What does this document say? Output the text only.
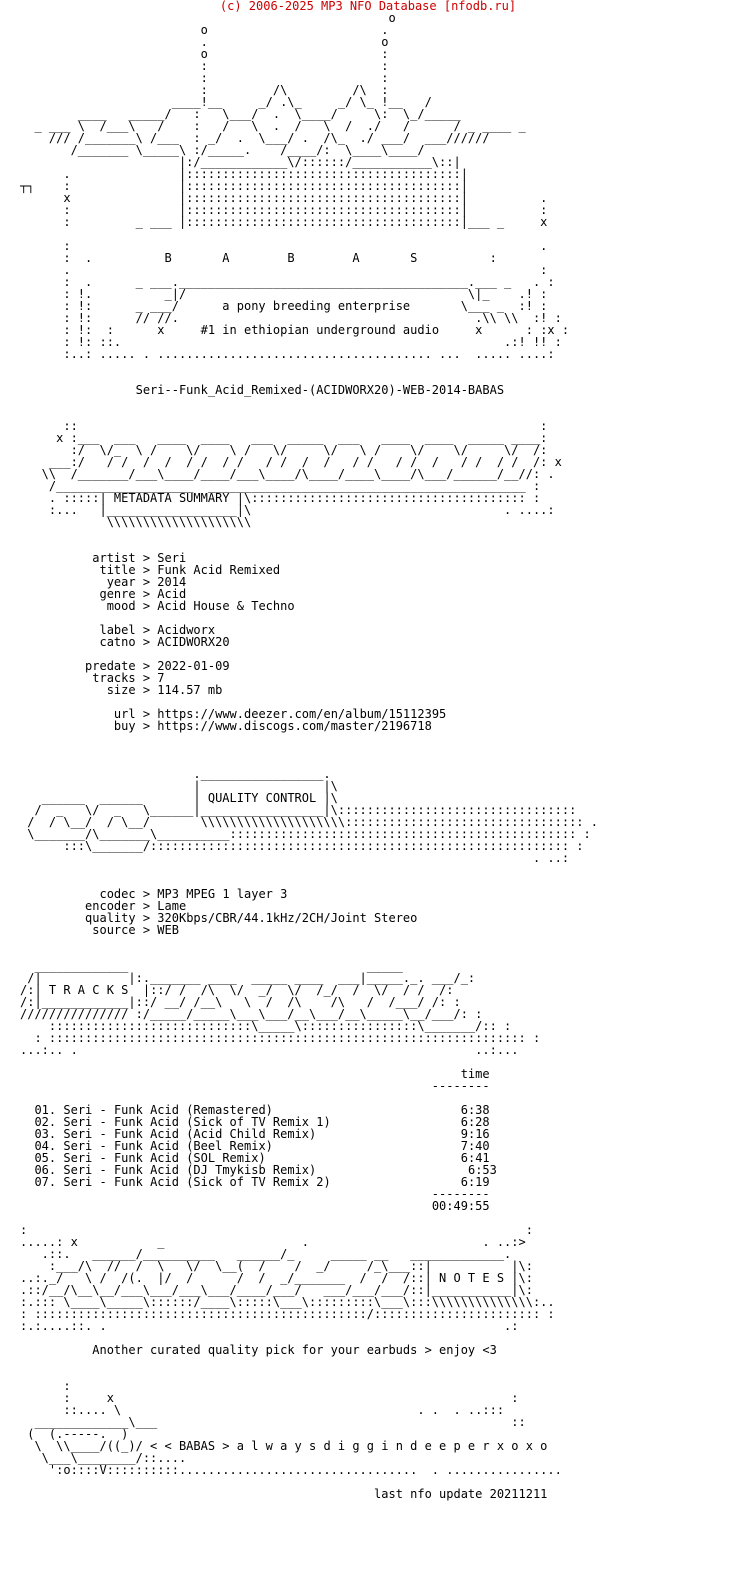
(c) 2006-2025 MP3 NFO Database [nfodb.ru]
o
o                        .
.                        o
o                        :
:                        :
:                        :
:         /\         /\  :
____!__     _/ .\_     _/ \_ !__   /
____   _____/   :   \___/  .  \____/     \:  \_/_____
_ ___ \  /___\   /    :   /   \  .  /   \  /  ./   /      / _ ____ _
/// /_______\ /___  : _/  .  \___/ .  /\_  ./ ___/  ___//////
/_______ \_____\ :/_____.    /____/:  \____\____/
|:/____________\/::::::/___________\::|
.               |::::::::::::::::::::::::::::::::::::::|
┬┐    :               |::::::::::::::::::::::::::::::::::::::|
x               |::::::::::::::::::::::::::::::::::::::|          .
:               |::::::::::::::::::::::::::::::::::::::|          :
:         _ ___ |::::::::::::::::::::::::::::::::::::::|___ _     x

:                                                                 .
:  .          B       A        B        A       S          :
.                                                                 :
:  .      _ ___.________________________________________.___ _   . :
: !.          _|/                                       \|_    .! :
: !:      _ ___/      a pony breeding enterprise       \___ _  :! :
: !:      // //.                                         .\\ \\  :! :
: !:  :      x     #1 in ethiopian underground audio     x      : :x :
: !: ::.                                                     .:! !! :
:..: ..... . ...................................... ...  ..... ....:

Seri--Funk_Acid_Remixed-(ACIDWORX20)-WEB-2014-BABAS

::                                                                :
x :___  ___   ____  ____   ___  _____  ___   ____  ____  _____ ____:
:/  \/_  \ /    \/    \ /   \/     \/   \ /    \/    \/     \/  /:
___:/   / /  /  /  / /  / /   / /  /  /   / /   / /  /   / /  / /  /: x
\\  /_______/___\____/____/___\____/\____/____\____/\___/______/__//: .
/___________________  ____________________________________________ :
. :::::| METADATA SUMMARY |\:::::::::::::::::::::::::::::::::::::: :
:...   |__________________|\                                   . ....:
\\\\\\\\\\\\\\\\\\\\

artist > Seri
title > Funk Acid Remixed
year > 2014
genre > Acid
mood > Acid House & Techno

label > Acidworx
catno > ACIDWORX20

predate > 2022-01-09
tracks > 7
size > 114.57 mb

url > https://www.deezer.com/en/album/15112395
buy > https://www.discogs.com/master/2196718

._________________.
|                 |\
______  ______       | QUALITY CONTROL |\
/  _   \/  _   \______|_________________|\:::::::::::::::::::::::::::::::::
/  / \__/  / \__/       \\\\\\\\\\\\\\\\\\\\::::::::::::::::::::::::::::::::: .
\_______/\_______\__________:::::::::::::::::::::::::::::::::::::::::::::::: :
:::\_______/:::::::::::::::::::::::::::::::::::::::::::::::::::::::::: :
. ..:

codec > MP3 MPEG 1 layer 3
encoder > Lame
quality > 320Kbps/CBR/44.1kHz/2CH/Joint Stereo
source > WEB

_____________                                 _____
/|            |:._______ ____  _____ ____  ___|_____._. ___/_:
/:| T R A C K S  |::/ /  /\  \/  _/  \/  /_/  /  \/  / /  /:
/:|____________|::/ __/ /__\   \  /  /\    /\   /  /___/ /: :
/////////////// :/_____/_____\___\___/__\___/__\_____\__/___/: :
::::::::::::::::::::::::::::\_____\::::::::::::::::\_______/:: :
: :::::::::::::::::::::::::::::::::::::::::::::::::::::::::::::::::: :
...:.. .                                                       ..:...

time
--------

01. Seri - Funk Acid (Remastered)	6:38
02. Seri - Funk Acid (Sick of TV Remix 1)	6:28
03. Seri - Funk Acid (Acid Child Remix)	9:16
04. Seri - Funk Acid (Beel Remix)	7:40
05. Seri - Funk Acid (SOL Remix)	6:41
06. Seri - Funk Acid (DJ Tmykisb Remix)	6:53
07. Seri - Funk Acid (Sick of TV Remix 2)	6:19
--------
00:49:55

:                                                                     :
.....: x           _                   .                        . ..:>
.::.   ______/__________   ______/_     _____ __   _____________.
:___/\  //  /  \   \/  \__(  /    /  _/     /_\___::|           |\:
..:._/   \ /  /(.  |/  /      /  /  _/_______  /  /  /::| N O T E S |\:
.::/__/\__\__/___\___/___\___/____/___/   ___/___/___/::|___________|\:
:.::: \____\_____\::::::/____\:::::\___\:::::::::\___\:::\\\\\\\\\\\\\\:..
: ::::::::::::::::::::::::::::::::::::::::::::::/::::::::::::::::::::::: :
:.:....::. .                                                       .:

Another curated quality pick for your earbuds > enjoy <3

:
:     x                                                       :
::.... \                                         . .  . ..:::
_____________\___                                                 ::
(  (.-----.  )
\  \\____/((_)/ < < BABAS > a l w a y s d i g g i n d e e p e r x o x o
\___\________/::....
':o::::V::::::::::.................................  . ................

last nfo update 20211211
